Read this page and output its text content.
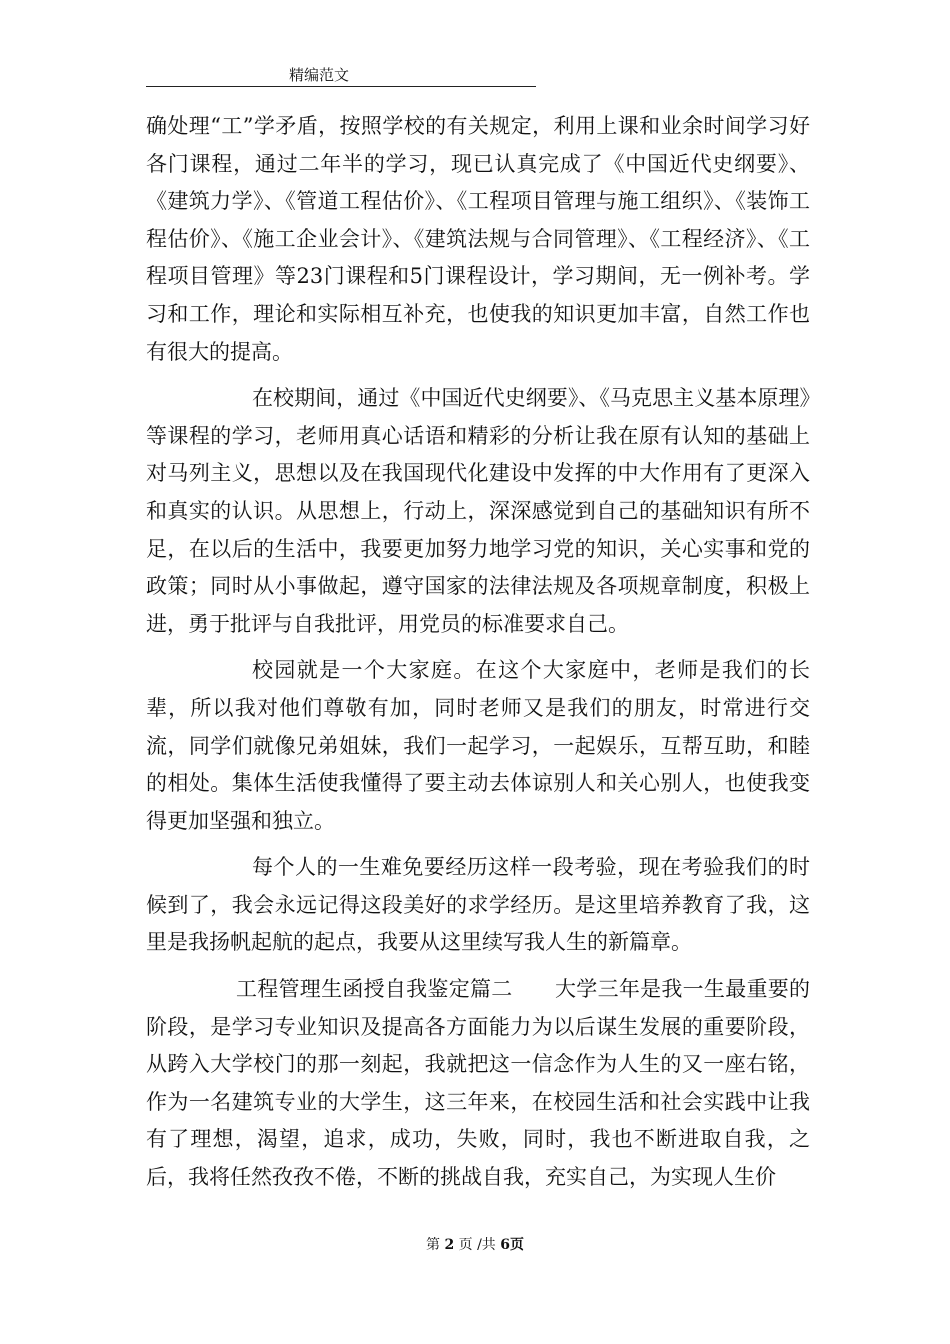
精编范文

确处理“工”学矛盾，按照学校的有关规定，利用上课和业余时间学习好各门课程，通过二年半的学习，现已认真完成了《中国近代史纲要》、《建筑力学》、《管道工程估价》、《工程项目管理与施工组织》、《装饰工程估价》、《施工企业会计》、《建筑法规与合同管理》、《工程经济》、《工程项目管理》等23门课程和5门课程设计，学习期间，无一例补考。学习和工作，理论和实际相互补充，也使我的知识更加丰富，自然工作也有很大的提高。

在校期间，通过《中国近代史纲要》、《马克思主义基本原理》等课程的学习，老师用真心话语和精彩的分析让我在原有认知的基础上对马列主义，思想以及在我国现代化建设中发挥的中大作用有了更深入和真实的认识。从思想上，行动上，深深感觉到自己的基础知识有所不足，在以后的生活中，我要更加努力地学习党的知识，关心实事和党的政策；同时从小事做起，遵守国家的法律法规及各项规章制度，积极上进，勇于批评与自我批评，用党员的标准要求自己。

校园就是一个大家庭。在这个大家庭中，老师是我们的长辈，所以我对他们尊敬有加，同时老师又是我们的朋友，时常进行交流，同学们就像兄弟姐妹，我们一起学习，一起娱乐，互帮互助，和睦的相处。集体生活使我懂得了要主动去体谅别人和关心别人，也使我变得更加坚强和独立。

每个人的一生难免要经历这样一段考验，现在考验我们的时候到了，我会永远记得这段美好的求学经历。是这里培养教育了我，这里是我扬帆起航的起点，我要从这里续写我人生的新篇章。

工程管理生函授自我鉴定篇二　　大学三年是我一生最重要的阶段，是学习专业知识及提高各方面能力为以后谋生发展的重要阶段，从跨入大学校门的那一刻起，我就把这一信念作为人生的又一座右铭，作为一名建筑专业的大学生，这三年来，在校园生活和社会实践中让我有了理想，渴望，追求，成功，失败，同时，我也不断进取自我，之后，我将任然孜孜不倦，不断的挑战自我，充实自己，为实现人生价

第 2 页 /共 6页
